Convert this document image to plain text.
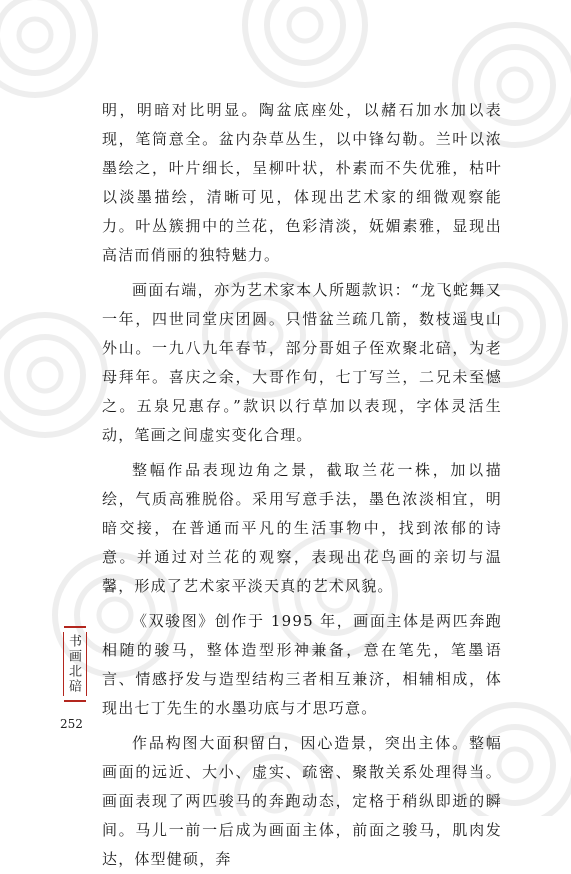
明，明暗对比明显。陶盆底座处，以赭石加水加以表现，笔筒意全。盆内杂草丛生，以中锋勾勒。兰叶以浓墨绘之，叶片细长，呈柳叶状，朴素而不失优雅，枯叶以淡墨描绘，清晰可见，体现出艺术家的细微观察能力。叶丛簇拥中的兰花，色彩清淡，妩媚素雅，显现出高洁而俏丽的独特魅力。

画面右端，亦为艺术家本人所题款识：“龙飞蛇舞又一年，四世同堂庆团圆。只惜盆兰疏几箭，数枝遥曳山外山。一九八九年春节，部分哥姐子侄欢聚北碚，为老母拜年。喜庆之余，大哥作句，七丁写兰，二兄未至憾之。五泉兄惠存。”款识以行草加以表现，字体灵活生动，笔画之间虚实变化合理。

整幅作品表现边角之景，截取兰花一株，加以描绘，气质高雅脱俗。采用写意手法，墨色浓淡相宜，明暗交接，在普通而平凡的生活事物中，找到浓郁的诗意。并通过对兰花的观察，表现出花鸟画的亲切与温馨，形成了艺术家平淡天真的艺术风貌。

《双骏图》创作于 1995 年，画面主体是两匹奔跑相随的骏马，整体造型形神兼备，意在笔先，笔墨语言、情感抒发与造型结构三者相互兼济，相辅相成，体现出七丁先生的水墨功底与才思巧意。

作品构图大面积留白，因心造景，突出主体。整幅画面的远近、大小、虚实、疏密、聚散关系处理得当。画面表现了两匹骏马的奔跑动态，定格于稍纵即逝的瞬间。马儿一前一后成为画面主体，前面之骏马，肌肉发达，体型健硕，奔

书画北碚
252
